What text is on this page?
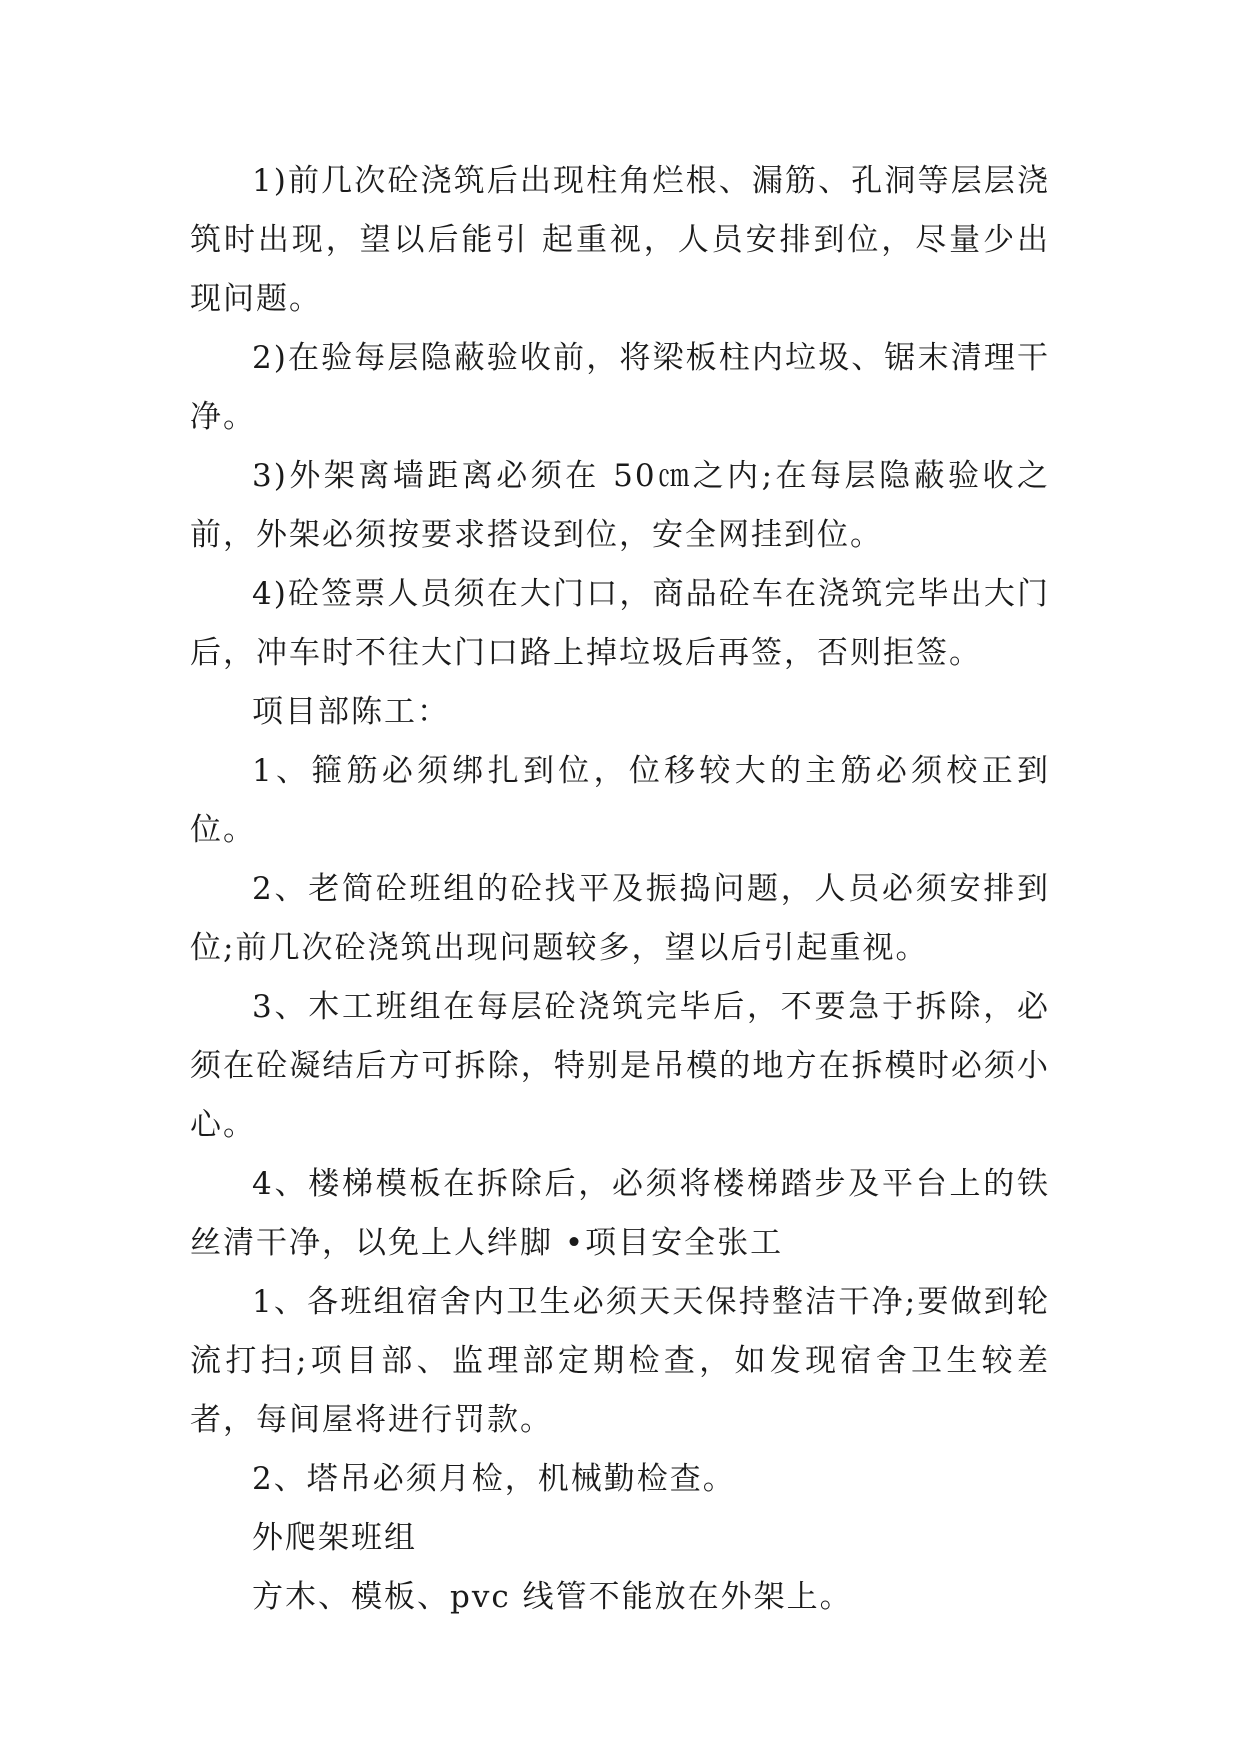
1)前几次砼浇筑后出现柱角烂根、漏筋、孔洞等层层浇筑时出现，望以后能引 起重视，人员安排到位，尽量少出现问题。

2)在验每层隐蔽验收前，将梁板柱内垃圾、锯末清理干净。

3)外架离墙距离必须在 50㎝之内;在每层隐蔽验收之前，外架必须按要求搭设到位，安全网挂到位。

4)砼签票人员须在大门口，商品砼车在浇筑完毕出大门后，冲车时不往大门口路上掉垃圾后再签，否则拒签。

项目部陈工：

1、箍筋必须绑扎到位，位移较大的主筋必须校正到位。

2、老简砼班组的砼找平及振捣问题，人员必须安排到位;前几次砼浇筑出现问题较多，望以后引起重视。

3、木工班组在每层砼浇筑完毕后，不要急于拆除，必须在砼凝结后方可拆除，特别是吊模的地方在拆模时必须小心。

4、楼梯模板在拆除后，必须将楼梯踏步及平台上的铁丝清干净，以免上人绊脚 •项目安全张工

1、各班组宿舍内卫生必须天天保持整洁干净;要做到轮流打扫;项目部、监理部定期检查，如发现宿舍卫生较差者，每间屋将进行罚款。

2、塔吊必须月检，机械勤检查。

外爬架班组

方木、模板、pvc 线管不能放在外架上。
